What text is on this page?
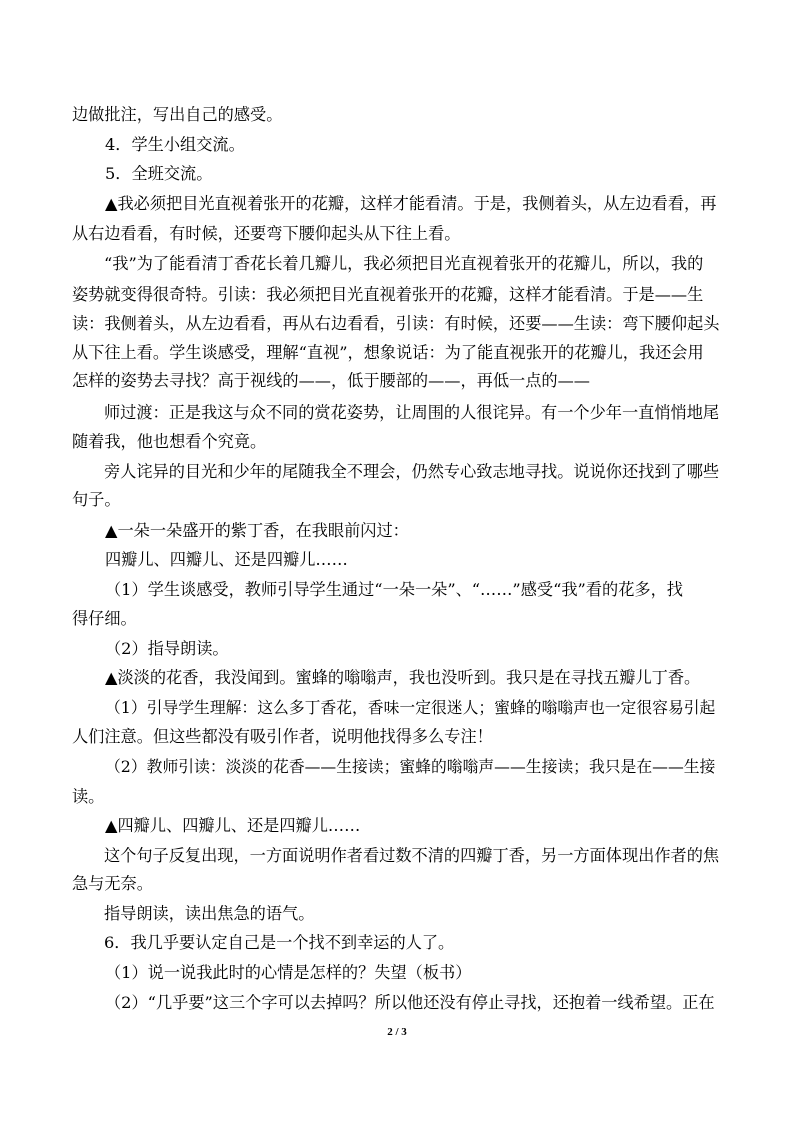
边做批注，写出自己的感受。
4．学生小组交流。
5．全班交流。
▲我必须把目光直视着张开的花瓣，这样才能看清。于是，我侧着头，从左边看看，再
从右边看看，有时候，还要弯下腰仰起头从下往上看。
“我”为了能看清丁香花长着几瓣儿，我必须把目光直视着张开的花瓣儿，所以，我的
姿势就变得很奇特。引读：我必须把目光直视着张开的花瓣，这样才能看清。于是——生
读：我侧着头，从左边看看，再从右边看看，引读：有时候，还要——生读：弯下腰仰起头
从下往上看。学生谈感受，理解“直视”，想象说话：为了能直视张开的花瓣儿，我还会用
怎样的姿势去寻找？高于视线的——，低于腰部的——，再低一点的——
师过渡：正是我这与众不同的赏花姿势，让周围的人很诧异。有一个少年一直悄悄地尾
随着我，他也想看个究竟。
旁人诧异的目光和少年的尾随我全不理会，仍然专心致志地寻找。说说你还找到了哪些
句子。
▲一朵一朵盛开的紫丁香，在我眼前闪过：
四瓣儿、四瓣儿、还是四瓣儿……
（1）学生谈感受，教师引导学生通过“一朵一朵”、“……”感受“我”看的花多，找
得仔细。
（2）指导朗读。
▲淡淡的花香，我没闻到。蜜蜂的嗡嗡声，我也没听到。我只是在寻找五瓣儿丁香。
（1）引导学生理解：这么多丁香花，香味一定很迷人；蜜蜂的嗡嗡声也一定很容易引起
人们注意。但这些都没有吸引作者，说明他找得多么专注！
（2）教师引读：淡淡的花香——生接读；蜜蜂的嗡嗡声——生接读；我只是在——生接
读。
▲四瓣儿、四瓣儿、还是四瓣儿……
这个句子反复出现，一方面说明作者看过数不清的四瓣丁香，另一方面体现出作者的焦
急与无奈。
指导朗读，读出焦急的语气。
6．我几乎要认定自己是一个找不到幸运的人了。
（1）说一说我此时的心情是怎样的？失望（板书）
（2）“几乎要”这三个字可以去掉吗？所以他还没有停止寻找，还抱着一线希望。正在
2 / 3
